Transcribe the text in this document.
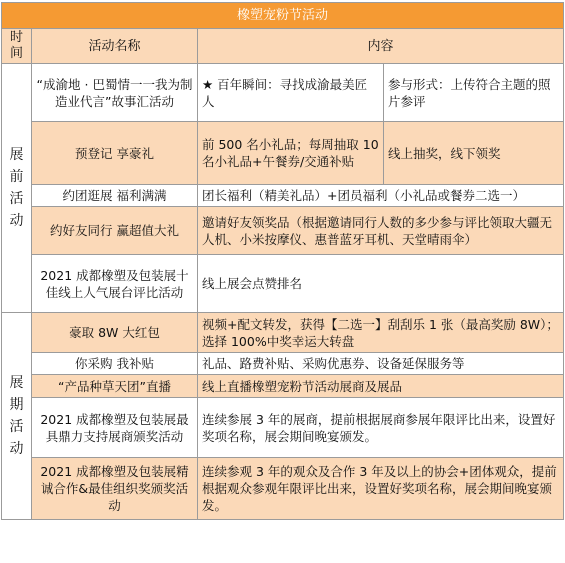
橡塑宠粉节活动			

时
间	活动名称	内容	

展
前
活
动	“成渝地 · 巴蜀情一一我为制造业代言”故事汇活动	★ 百年瞬间：寻找成渝最美匠人	参与形式：上传符合主题的照片参评
	预登记 享豪礼	前 500 名小礼品；每周抽取 10 名小礼品+午餐券/交通补贴	线上抽奖，线下领奖
	约团逛展 福利满满	团长福利（精美礼品）+团员福利（小礼品或餐券二选一）	
	约好友同行 赢超值大礼	邀请好友领奖品（根据邀请同行人数的多少参与评比领取大疆无人机、小米按摩仪、惠普蓝牙耳机、天堂晴雨伞）	
	2021 成都橡塑及包装展十佳线上人气展台评比活动	线上展会点赞排名	

展
期
活
动	豪取 8W 大红包	视频+配文转发，获得【二选一】刮刮乐 1 张（最高奖励 8W）；选择 100%中奖幸运大转盘	
	你采购 我补贴	礼品、路费补贴、采购优惠券、设备延保服务等	
	“产品种草天团”直播	线上直播橡塑宠粉节活动展商及展品	
	2021 成都橡塑及包装展最具鼎力支持展商颁奖活动	连续参展 3 年的展商，提前根据展商参展年限评比出来，设置好奖项名称，展会期间晚宴颁发。	
	2021 成都橡塑及包装展精诚合作&最佳组织奖颁奖活动	连续参观 3 年的观众及合作 3 年及以上的协会+团体观众，提前根据观众参观年限评比出来，设置好奖项名称，展会期间晚宴颁发。	
